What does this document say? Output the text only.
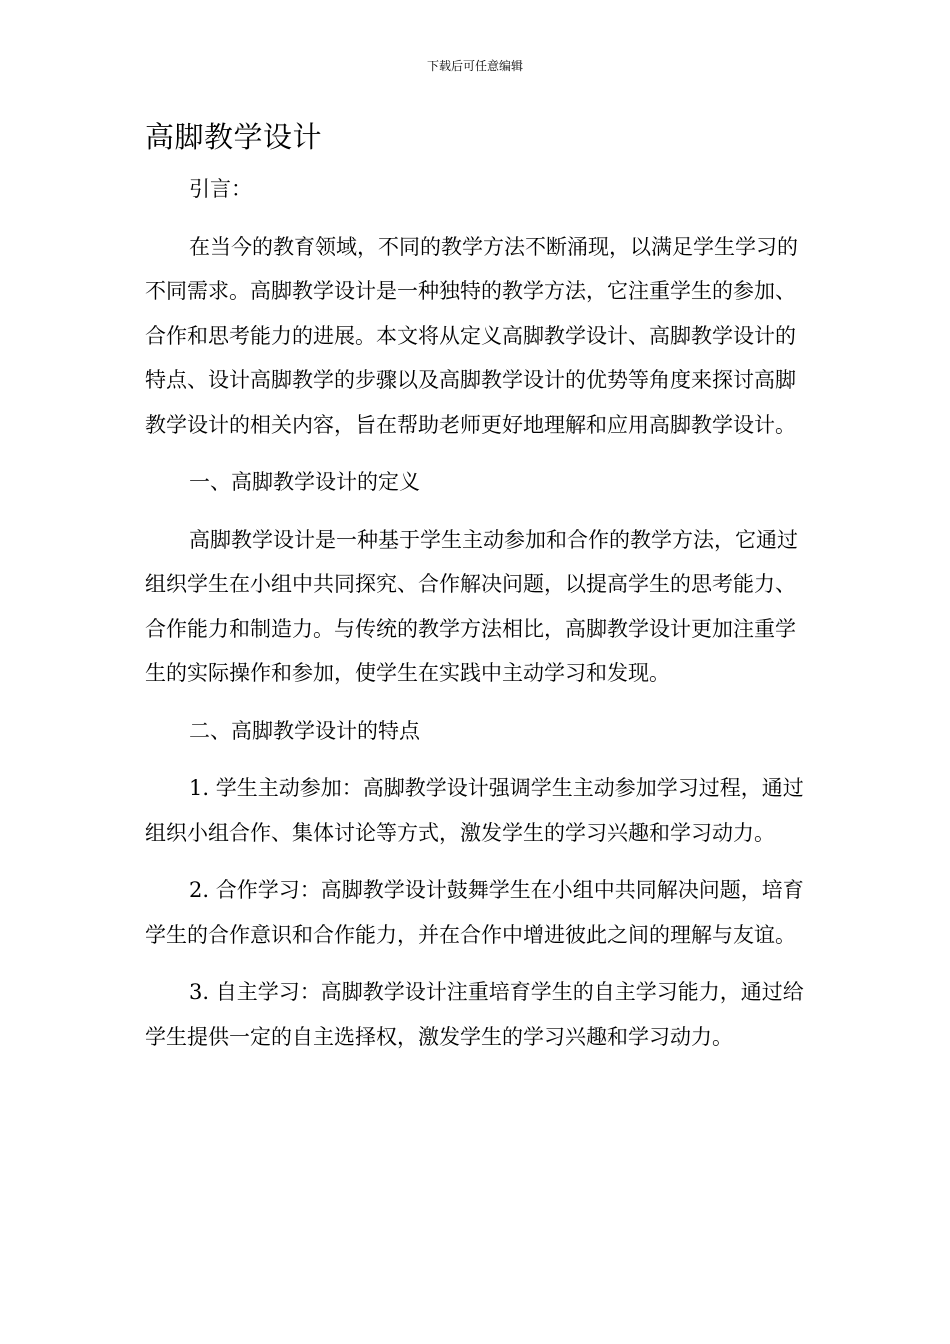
下载后可任意编辑
高脚教学设计

引言：

在当今的教育领域，不同的教学方法不断涌现，以满足学生学习的不同需求。高脚教学设计是一种独特的教学方法，它注重学生的参加、合作和思考能力的进展。本文将从定义高脚教学设计、高脚教学设计的特点、设计高脚教学的步骤以及高脚教学设计的优势等角度来探讨高脚教学设计的相关内容，旨在帮助老师更好地理解和应用高脚教学设计。

一、高脚教学设计的定义

高脚教学设计是一种基于学生主动参加和合作的教学方法，它通过组织学生在小组中共同探究、合作解决问题，以提高学生的思考能力、合作能力和制造力。与传统的教学方法相比，高脚教学设计更加注重学生的实际操作和参加，使学生在实践中主动学习和发现。

二、高脚教学设计的特点

1. 学生主动参加：高脚教学设计强调学生主动参加学习过程，通过组织小组合作、集体讨论等方式，激发学生的学习兴趣和学习动力。

2. 合作学习：高脚教学设计鼓舞学生在小组中共同解决问题，培育学生的合作意识和合作能力，并在合作中增进彼此之间的理解与友谊。

3. 自主学习：高脚教学设计注重培育学生的自主学习能力，通过给学生提供一定的自主选择权，激发学生的学习兴趣和学习动力。
